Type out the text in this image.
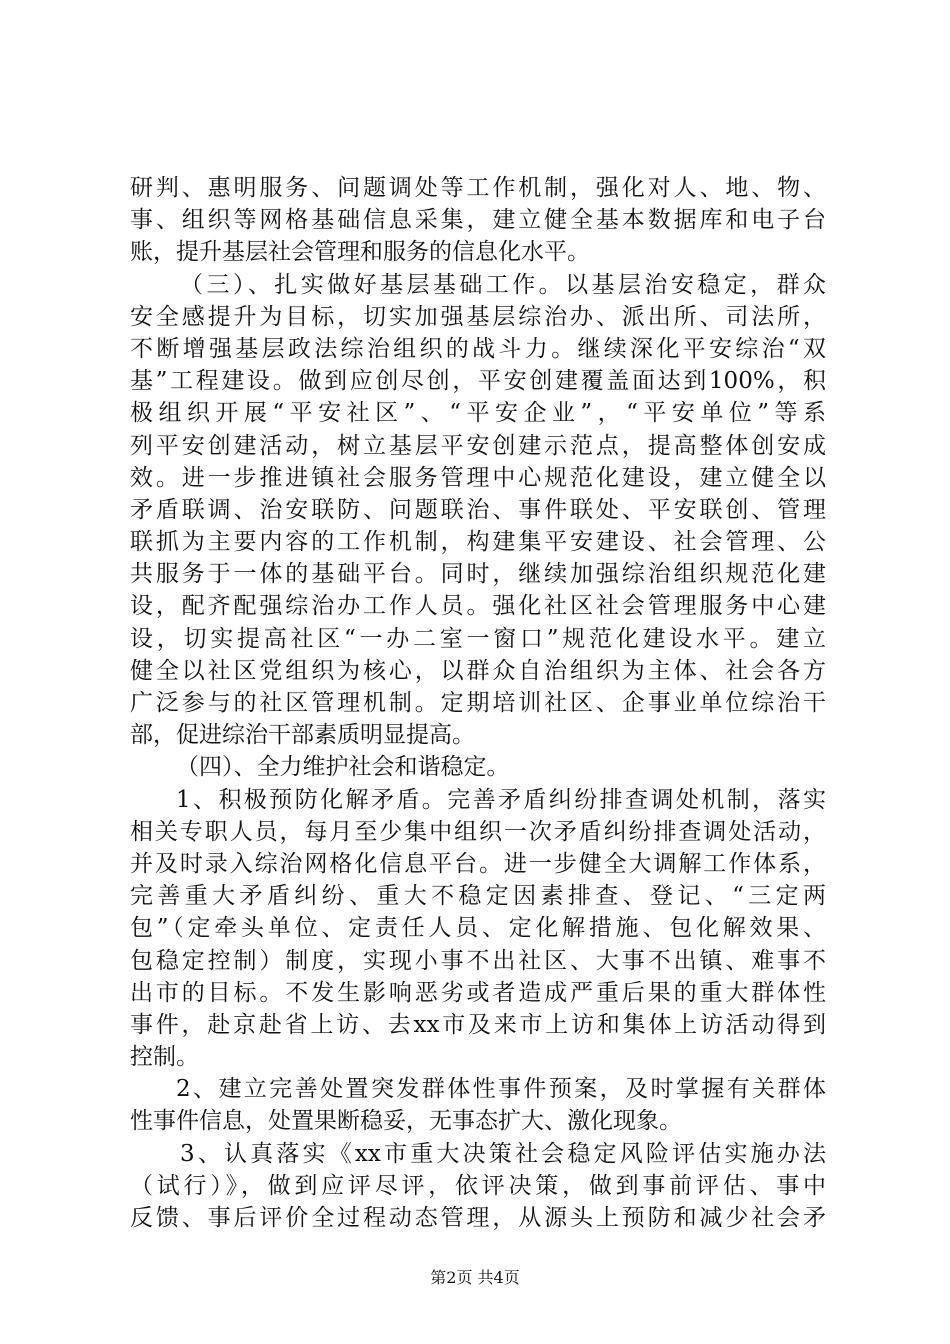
研判、惠明服务、问题调处等工作机制，强化对人、地、物、
事、组织等网格基础信息采集，建立健全基本数据库和电子台
账，提升基层社会管理和服务的信息化水平。
（三）、扎实做好基层基础工作。以基层治安稳定，群众
安全感提升为目标，切实加强基层综治办、派出所、司法所，
不断增强基层政法综治组织的战斗力。继续深化平安综治“双
基”工程建设。做到应创尽创，平安创建覆盖面达到100%，积
极组织开展“平安社区”、“平安企业”，“平安单位”等系
列平安创建活动，树立基层平安创建示范点，提高整体创安成
效。进一步推进镇社会服务管理中心规范化建设，建立健全以
矛盾联调、治安联防、问题联治、事件联处、平安联创、管理
联抓为主要内容的工作机制，构建集平安建设、社会管理、公
共服务于一体的基础平台。同时，继续加强综治组织规范化建
设，配齐配强综治办工作人员。强化社区社会管理服务中心建
设，切实提高社区“一办二室一窗口”规范化建设水平。建立
健全以社区党组织为核心，以群众自治组织为主体、社会各方
广泛参与的社区管理机制。定期培训社区、企事业单位综治干
部，促进综治干部素质明显提高。
（四）、全力维护社会和谐稳定。
1、积极预防化解矛盾。完善矛盾纠纷排查调处机制，落实
相关专职人员，每月至少集中组织一次矛盾纠纷排查调处活动，
并及时录入综治网格化信息平台。进一步健全大调解工作体系，
完善重大矛盾纠纷、重大不稳定因素排查、登记、“三定两
包”（定牵头单位、定责任人员、定化解措施、包化解效果、
包稳定控制）制度，实现小事不出社区、大事不出镇、难事不
出市的目标。不发生影响恶劣或者造成严重后果的重大群体性
事件，赴京赴省上访、去xx市及来市上访和集体上访活动得到
控制。
2、建立完善处置突发群体性事件预案，及时掌握有关群体
性事件信息，处置果断稳妥，无事态扩大、激化现象。
3、认真落实《xx市重大决策社会稳定风险评估实施办法
（试行）》，做到应评尽评，依评决策，做到事前评估、事中
反馈、事后评价全过程动态管理，从源头上预防和减少社会矛
第2页 共4页
